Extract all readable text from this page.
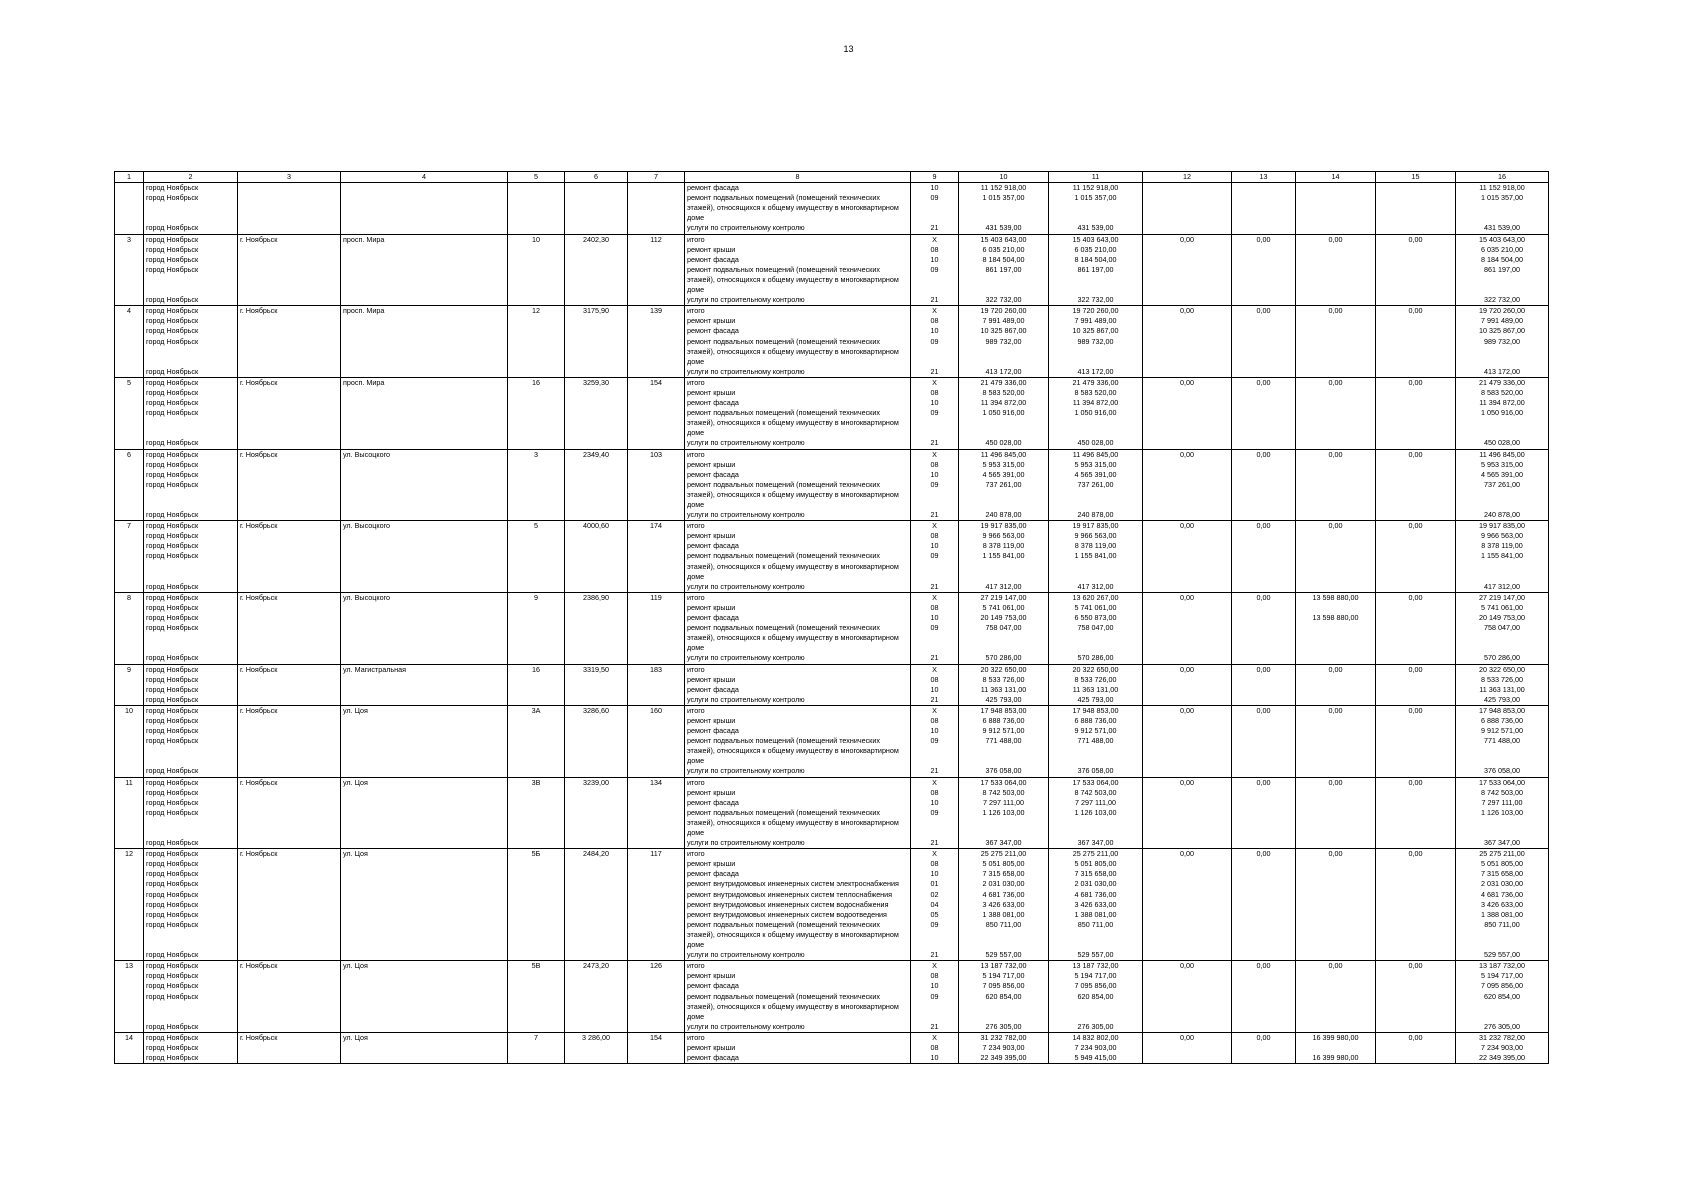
13
1	2	3	4	5	6	7	8	9	10	11	12	13	14	15	16
	город Ноябрьск						ремонт фасада	10	11 152 918,00	11 152 918,00					11 152 918,00
	город Ноябрьск						ремонт подвальных помещений (помещений технических этажей), относящихся к общему имуществу в многоквартирном доме	09	1 015 357,00	1 015 357,00					1 015 357,00
	город Ноябрьск						услуги по строительному контролю	21	431 539,00	431 539,00					431 539,00
3	город Ноябрьск	г. Ноябрьск	просп. Мира	10	2402,30	112	итого	X	15 403 643,00	15 403 643,00	0,00	0,00	0,00	0,00	15 403 643,00
	город Ноябрьск						ремонт крыши	08	6 035 210,00	6 035 210,00					6 035 210,00
	город Ноябрьск						ремонт фасада	10	8 184 504,00	8 184 504,00					8 184 504,00
	город Ноябрьск						ремонт подвальных помещений (помещений технических этажей), относящихся к общему имуществу в многоквартирном доме	09	861 197,00	861 197,00					861 197,00
	город Ноябрьск						услуги по строительному контролю	21	322 732,00	322 732,00					322 732,00
4	город Ноябрьск	г. Ноябрьск	просп. Мира	12	3175,90	139	итого	X	19 720 260,00	19 720 260,00	0,00	0,00	0,00	0,00	19 720 260,00
	город Ноябрьск						ремонт крыши	08	7 991 489,00	7 991 489,00					7 991 489,00
	город Ноябрьск						ремонт фасада	10	10 325 867,00	10 325 867,00					10 325 867,00
	город Ноябрьск						ремонт подвальных помещений (помещений технических этажей), относящихся к общему имуществу в многоквартирном доме	09	989 732,00	989 732,00					989 732,00
	город Ноябрьск						услуги по строительному контролю	21	413 172,00	413 172,00					413 172,00
5	город Ноябрьск	г. Ноябрьск	просп. Мира	16	3259,30	154	итого	X	21 479 336,00	21 479 336,00	0,00	0,00	0,00	0,00	21 479 336,00
	город Ноябрьск						ремонт крыши	08	8 583 520,00	8 583 520,00					8 583 520,00
	город Ноябрьск						ремонт фасада	10	11 394 872,00	11 394 872,00					11 394 872,00
	город Ноябрьск						ремонт подвальных помещений (помещений технических этажей), относящихся к общему имуществу в многоквартирном доме	09	1 050 916,00	1 050 916,00					1 050 916,00
	город Ноябрьск						услуги по строительному контролю	21	450 028,00	450 028,00					450 028,00
6	город Ноябрьск	г. Ноябрьск	ул. Высоцкого	3	2349,40	103	итого	X	11 496 845,00	11 496 845,00	0,00	0,00	0,00	0,00	11 496 845,00
	город Ноябрьск						ремонт крыши	08	5 953 315,00	5 953 315,00					5 953 315,00
	город Ноябрьск						ремонт фасада	10	4 565 391,00	4 565 391,00					4 565 391,00
	город Ноябрьск						ремонт подвальных помещений (помещений технических этажей), относящихся к общему имуществу в многоквартирном доме	09	737 261,00	737 261,00					737 261,00
	город Ноябрьск						услуги по строительному контролю	21	240 878,00	240 878,00					240 878,00
7	город Ноябрьск	г. Ноябрьск	ул. Высоцкого	5	4000,60	174	итого	X	19 917 835,00	19 917 835,00	0,00	0,00	0,00	0,00	19 917 835,00
	город Ноябрьск						ремонт крыши	08	9 966 563,00	9 966 563,00					9 966 563,00
	город Ноябрьск						ремонт фасада	10	8 378 119,00	8 378 119,00					8 378 119,00
	город Ноябрьск						ремонт подвальных помещений (помещений технических этажей), относящихся к общему имуществу в многоквартирном доме	09	1 155 841,00	1 155 841,00					1 155 841,00
	город Ноябрьск						услуги по строительному контролю	21	417 312,00	417 312,00					417 312,00
8	город Ноябрьск	г. Ноябрьск	ул. Высоцкого	9	2386,90	119	итого	X	27 219 147,00	13 620 267,00	0,00	0,00	13 598 880,00	0,00	27 219 147,00
	город Ноябрьск						ремонт крыши	08	5 741 061,00	5 741 061,00					5 741 061,00
	город Ноябрьск						ремонт фасада	10	20 149 753,00	6 550 873,00			13 598 880,00		20 149 753,00
	город Ноябрьск						ремонт подвальных помещений (помещений технических этажей), относящихся к общему имуществу в многоквартирном доме	09	758 047,00	758 047,00					758 047,00
	город Ноябрьск						услуги по строительному контролю	21	570 286,00	570 286,00					570 286,00
9	город Ноябрьск	г. Ноябрьск	ул. Магистральная	16	3319,50	183	итого	X	20 322 650,00	20 322 650,00	0,00	0,00	0,00	0,00	20 322 650,00
	город Ноябрьск						ремонт крыши	08	8 533 726,00	8 533 726,00					8 533 726,00
	город Ноябрьск						ремонт фасада	10	11 363 131,00	11 363 131,00					11 363 131,00
	город Ноябрьск						услуги по строительному контролю	21	425 793,00	425 793,00					425 793,00
10	город Ноябрьск	г. Ноябрьск	ул. Цоя	3А	3286,60	160	итого	X	17 948 853,00	17 948 853,00	0,00	0,00	0,00	0,00	17 948 853,00
	город Ноябрьск						ремонт крыши	08	6 888 736,00	6 888 736,00					6 888 736,00
	город Ноябрьск						ремонт фасада	10	9 912 571,00	9 912 571,00					9 912 571,00
	город Ноябрьск						ремонт подвальных помещений (помещений технических этажей), относящихся к общему имуществу в многоквартирном доме	09	771 488,00	771 488,00					771 488,00
	город Ноябрьск						услуги по строительному контролю	21	376 058,00	376 058,00					376 058,00
11	город Ноябрьск	г. Ноябрьск	ул. Цоя	3В	3239,00	134	итого	X	17 533 064,00	17 533 064,00	0,00	0,00	0,00	0,00	17 533 064,00
	город Ноябрьск						ремонт крыши	08	8 742 503,00	8 742 503,00					8 742 503,00
	город Ноябрьск						ремонт фасада	10	7 297 111,00	7 297 111,00					7 297 111,00
	город Ноябрьск						ремонт подвальных помещений (помещений технических этажей), относящихся к общему имуществу в многоквартирном доме	09	1 126 103,00	1 126 103,00					1 126 103,00
	город Ноябрьск						услуги по строительному контролю	21	367 347,00	367 347,00					367 347,00
12	город Ноябрьск	г. Ноябрьск	ул. Цоя	5Б	2484,20	117	итого	X	25 275 211,00	25 275 211,00	0,00	0,00	0,00	0,00	25 275 211,00
	город Ноябрьск						ремонт крыши	08	5 051 805,00	5 051 805,00					5 051 805,00
	город Ноябрьск						ремонт фасада	10	7 315 658,00	7 315 658,00					7 315 658,00
	город Ноябрьск						ремонт внутридомовых инженерных систем электроснабжения	01	2 031 030,00	2 031 030,00					2 031 030,00
	город Ноябрьск						ремонт внутридомовых инженерных систем теплоснабжения	02	4 681 736,00	4 681 736,00					4 681 736,00
	город Ноябрьск						ремонт внутридомовых инженерных систем водоснабжения	04	3 426 633,00	3 426 633,00					3 426 633,00
	город Ноябрьск						ремонт внутридомовых инженерных систем водоотведения	05	1 388 081,00	1 388 081,00					1 388 081,00
	город Ноябрьск						ремонт подвальных помещений (помещений технических этажей), относящихся к общему имуществу в многоквартирном доме	09	850 711,00	850 711,00					850 711,00
	город Ноябрьск						услуги по строительному контролю	21	529 557,00	529 557,00					529 557,00
13	город Ноябрьск	г. Ноябрьск	ул. Цоя	5В	2473,20	126	итого	X	13 187 732,00	13 187 732,00	0,00	0,00	0,00	0,00	13 187 732,00
	город Ноябрьск						ремонт крыши	08	5 194 717,00	5 194 717,00					5 194 717,00
	город Ноябрьск						ремонт фасада	10	7 095 856,00	7 095 856,00					7 095 856,00
	город Ноябрьск						ремонт подвальных помещений (помещений технических этажей), относящихся к общему имуществу в многоквартирном доме	09	620 854,00	620 854,00					620 854,00
	город Ноябрьск						услуги по строительному контролю	21	276 305,00	276 305,00					276 305,00
14	город Ноябрьск	г. Ноябрьск	ул. Цоя	7	3 286,00	154	итого	X	31 232 782,00	14 832 802,00	0,00	0,00	16 399 980,00	0,00	31 232 782,00
	город Ноябрьск						ремонт крыши	08	7 234 903,00	7 234 903,00					7 234 903,00
	город Ноябрьск						ремонт фасада	10	22 349 395,00	5 949 415,00			16 399 980,00		22 349 395,00
